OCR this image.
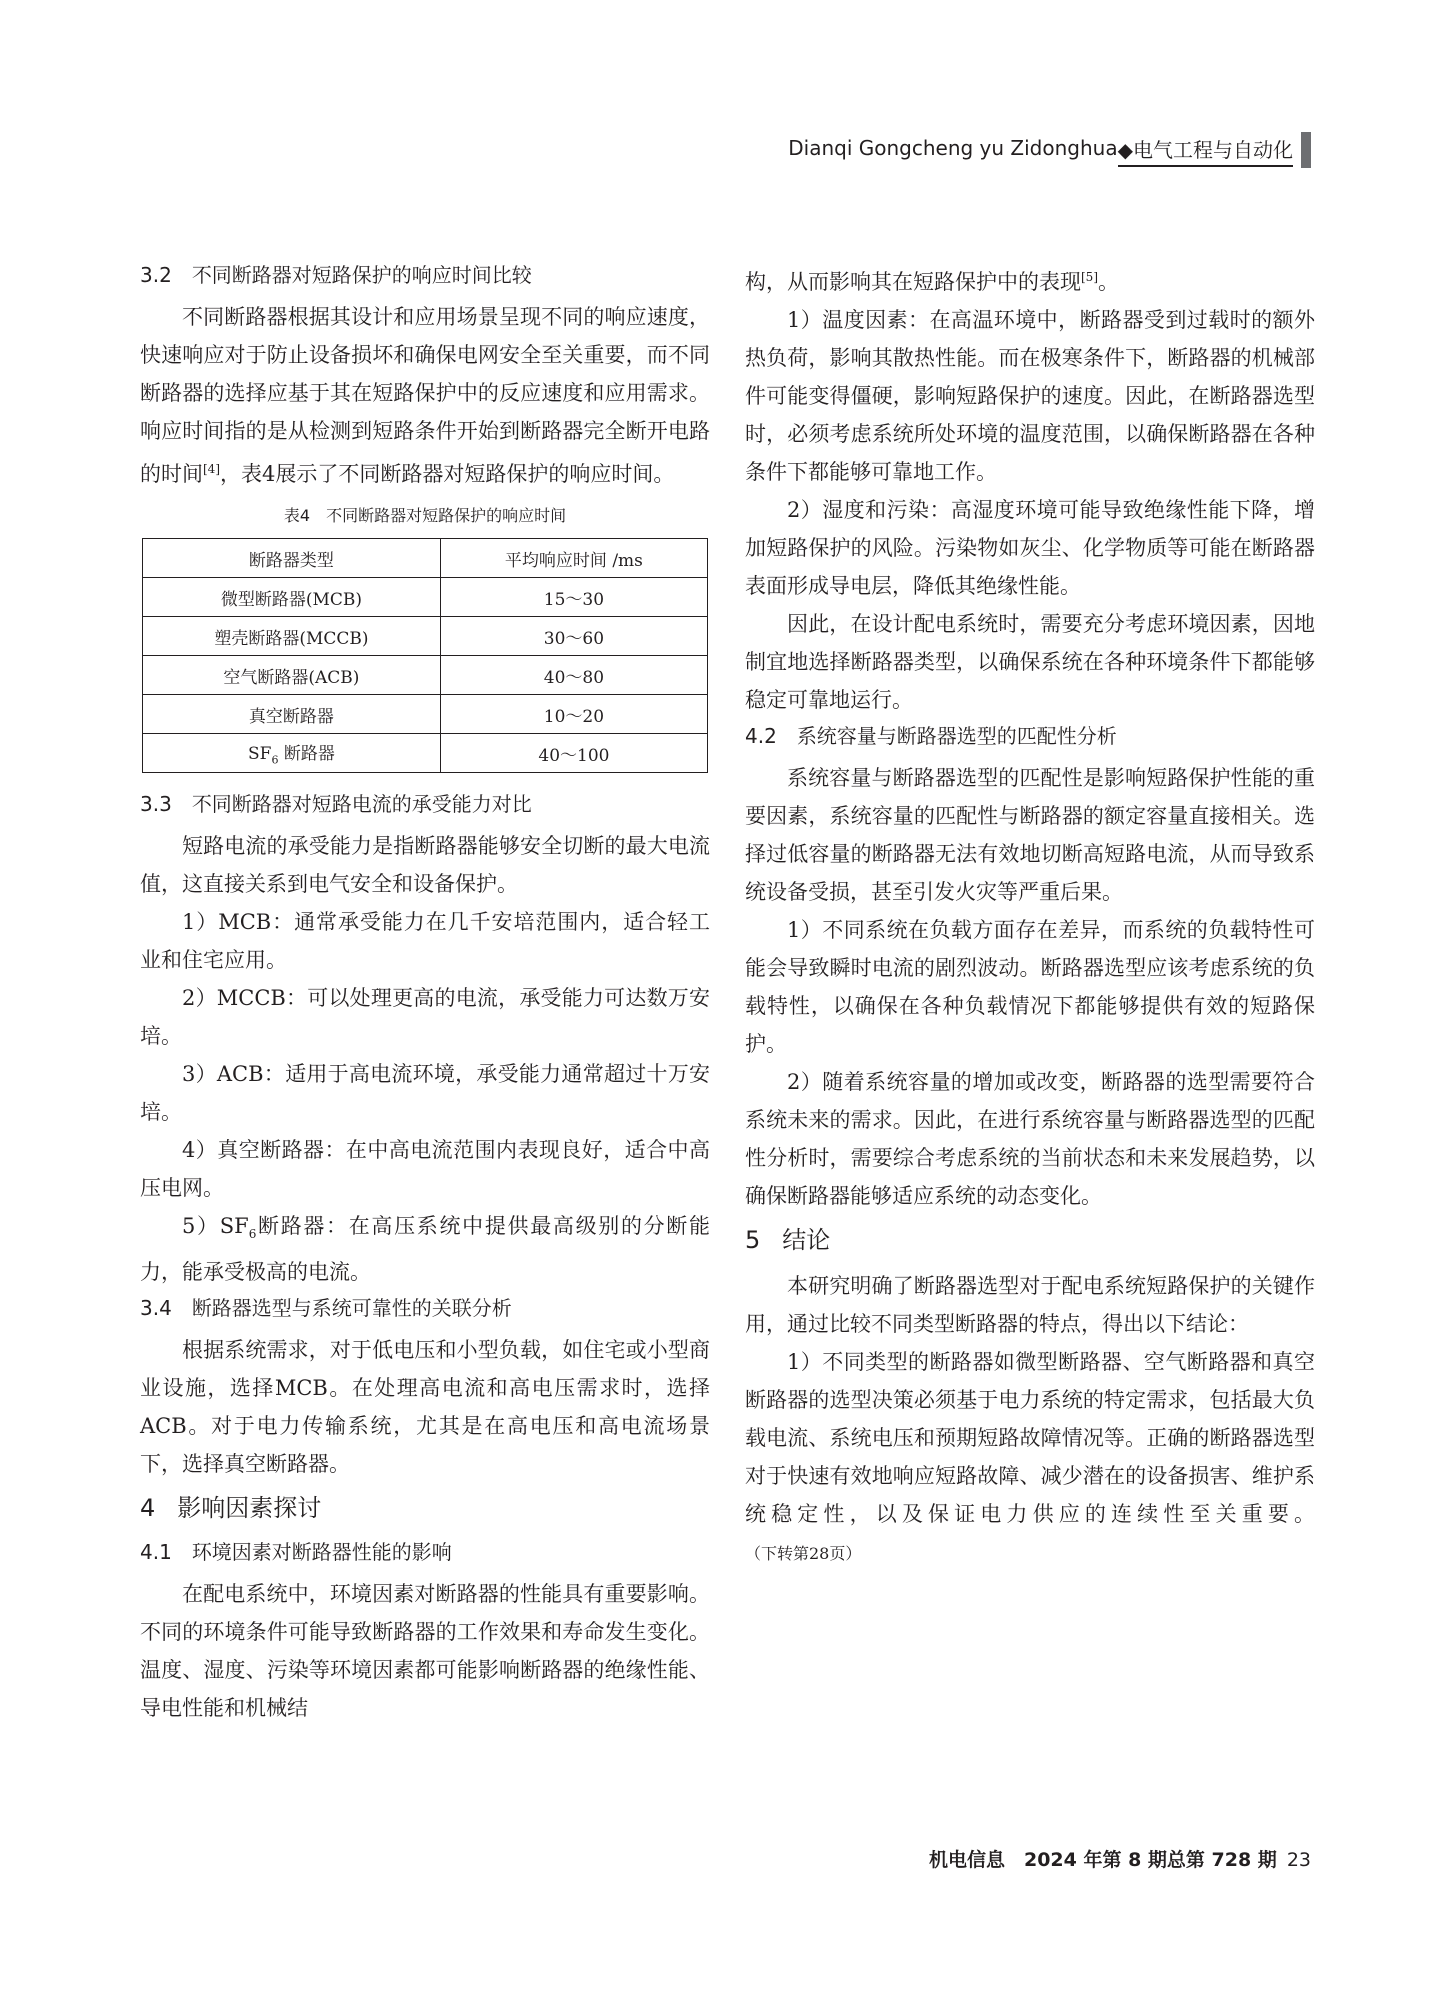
Dianqi Gongcheng yu Zidonghua ◆电气工程与自动化
3.2 不同断路器对短路保护的响应时间比较

不同断路器根据其设计和应用场景呈现不同的响应速度，快速响应对于防止设备损坏和确保电网安全至关重要，而不同断路器的选择应基于其在短路保护中的反应速度和应用需求。响应时间指的是从检测到短路条件开始到断路器完全断开电路的时间[4]，表4展示了不同断路器对短路保护的响应时间。

表4　不同断路器对短路保护的响应时间
断路器类型	平均响应时间 /ms
微型断路器(MCB)	15～30
塑壳断路器(MCCB)	30～60
空气断路器(ACB)	40～80
真空断路器	10～20
$SF_6$ 断路器	40～100
3.3 不同断路器对短路电流的承受能力对比

短路电流的承受能力是指断路器能够安全切断的最大电流值，这直接关系到电气安全和设备保护。

1）MCB：通常承受能力在几千安培范围内，适合轻工业和住宅应用。

2）MCCB：可以处理更高的电流，承受能力可达数万安培。

3）ACB：适用于高电流环境，承受能力通常超过十万安培。

4）真空断路器：在中高电流范围内表现良好，适合中高压电网。

$5)SF_6$断路器：在高压系统中提供最高级别的分断能力，能承受极高的电流。

3.4 断路器选型与系统可靠性的关联分析

根据系统需求，对于低电压和小型负载，如住宅或小型商业设施，选择MCB。在处理高电流和高电压需求时，选择ACB。对于电力传输系统，尤其是在高电压和高电流场景下，选择真空断路器。

4 影响因素探讨
4.1 环境因素对断路器性能的影响

在配电系统中，环境因素对断路器的性能具有重要影响。不同的环境条件可能导致断路器的工作效果和寿命发生变化。温度、湿度、污染等环境因素都可能影响断路器的绝缘性能、导电性能和机械结

构，从而影响其在短路保护中的表现[5]。

1）温度因素：在高温环境中，断路器受到过载时的额外热负荷，影响其散热性能。而在极寒条件下，断路器的机械部件可能变得僵硬，影响短路保护的速度。因此，在断路器选型时，必须考虑系统所处环境的温度范围，以确保断路器在各种条件下都能够可靠地工作。

2）湿度和污染：高湿度环境可能导致绝缘性能下降，增加短路保护的风险。污染物如灰尘、化学物质等可能在断路器表面形成导电层，降低其绝缘性能。

因此，在设计配电系统时，需要充分考虑环境因素，因地制宜地选择断路器类型，以确保系统在各种环境条件下都能够稳定可靠地运行。

4.2 系统容量与断路器选型的匹配性分析

系统容量与断路器选型的匹配性是影响短路保护性能的重要因素，系统容量的匹配性与断路器的额定容量直接相关。选择过低容量的断路器无法有效地切断高短路电流，从而导致系统设备受损，甚至引发火灾等严重后果。

1）不同系统在负载方面存在差异，而系统的负载特性可能会导致瞬时电流的剧烈波动。断路器选型应该考虑系统的负载特性，以确保在各种负载情况下都能够提供有效的短路保护。

2）随着系统容量的增加或改变，断路器的选型需要符合系统未来的需求。因此，在进行系统容量与断路器选型的匹配性分析时，需要综合考虑系统的当前状态和未来发展趋势，以确保断路器能够适应系统的动态变化。

5 结论

本研究明确了断路器选型对于配电系统短路保护的关键作用，通过比较不同类型断路器的特点，得出以下结论：

1）不同类型的断路器如微型断路器、空气断路器和真空断路器的选型决策必须基于电力系统的特定需求，包括最大负载电流、系统电压和预期短路故障情况等。正确的断路器选型对于快速有效地响应短路故障、减少潜在的设备损害、维护系统稳定性，以及保证电力供应的连续性至关重要。（下转第28页）

机电信息　2024 年第 8 期总第 728 期 23
